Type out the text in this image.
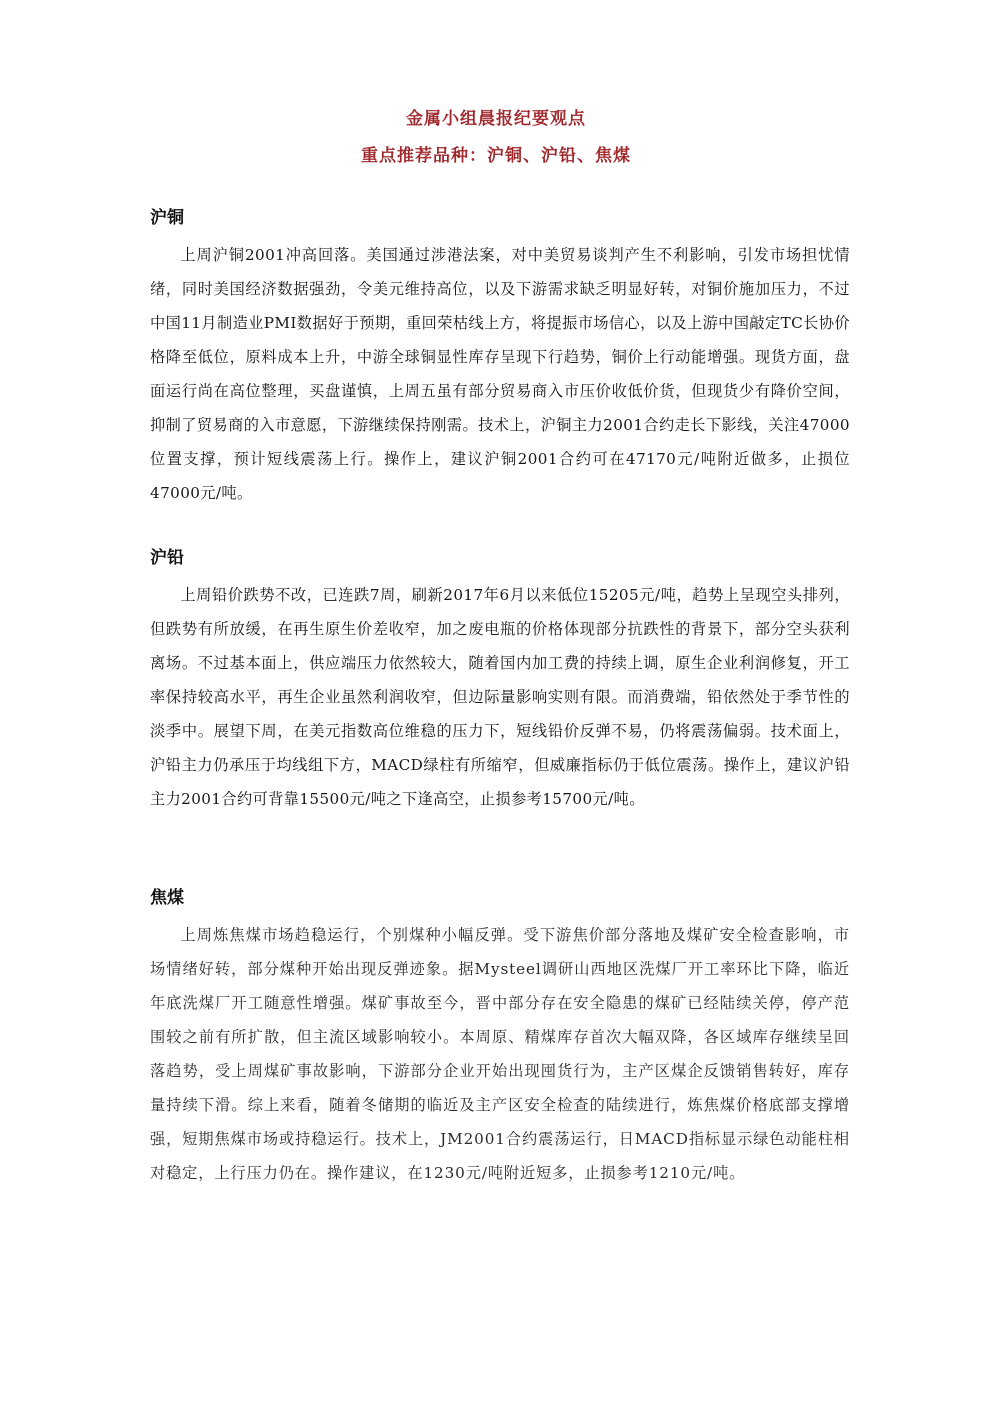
金属小组晨报纪要观点
重点推荐品种：沪铜、沪铅、焦煤
沪铜

上周沪铜2001冲高回落。美国通过涉港法案，对中美贸易谈判产生不利影响，引发市场担忧情绪，同时美国经济数据强劲，令美元维持高位，以及下游需求缺乏明显好转，对铜价施加压力，不过中国11月制造业PMI数据好于预期，重回荣枯线上方，将提振市场信心，以及上游中国敲定TC长协价格降至低位，原料成本上升，中游全球铜显性库存呈现下行趋势，铜价上行动能增强。现货方面，盘面运行尚在高位整理，买盘谨慎，上周五虽有部分贸易商入市压价收低价货，但现货少有降价空间，抑制了贸易商的入市意愿，下游继续保持刚需。技术上，沪铜主力2001合约走长下影线，关注47000位置支撑，预计短线震荡上行。操作上，建议沪铜2001合约可在47170元/吨附近做多，止损位47000元/吨。

沪铅

上周铅价跌势不改，已连跌7周，刷新2017年6月以来低位15205元/吨，趋势上呈现空头排列，但跌势有所放缓，在再生原生价差收窄，加之废电瓶的价格体现部分抗跌性的背景下，部分空头获利离场。不过基本面上，供应端压力依然较大，随着国内加工费的持续上调，原生企业利润修复，开工率保持较高水平，再生企业虽然利润收窄，但边际量影响实则有限。而消费端，铅依然处于季节性的淡季中。展望下周，在美元指数高位维稳的压力下，短线铅价反弹不易，仍将震荡偏弱。技术面上，沪铅主力仍承压于均线组下方，MACD绿柱有所缩窄，但威廉指标仍于低位震荡。操作上，建议沪铅主力2001合约可背靠15500元/吨之下逢高空，止损参考15700元/吨。

焦煤

上周炼焦煤市场趋稳运行，个别煤种小幅反弹。受下游焦价部分落地及煤矿安全检查影响，市场情绪好转，部分煤种开始出现反弹迹象。据Mysteel调研山西地区洗煤厂开工率环比下降，临近年底洗煤厂开工随意性增强。煤矿事故至今，晋中部分存在安全隐患的煤矿已经陆续关停，停产范围较之前有所扩散，但主流区域影响较小。本周原、精煤库存首次大幅双降，各区域库存继续呈回落趋势，受上周煤矿事故影响，下游部分企业开始出现囤货行为，主产区煤企反馈销售转好，库存量持续下滑。综上来看，随着冬储期的临近及主产区安全检查的陆续进行，炼焦煤价格底部支撑增强，短期焦煤市场或持稳运行。技术上，JM2001合约震荡运行，日MACD指标显示绿色动能柱相对稳定，上行压力仍在。操作建议，在1230元/吨附近短多，止损参考1210元/吨。
